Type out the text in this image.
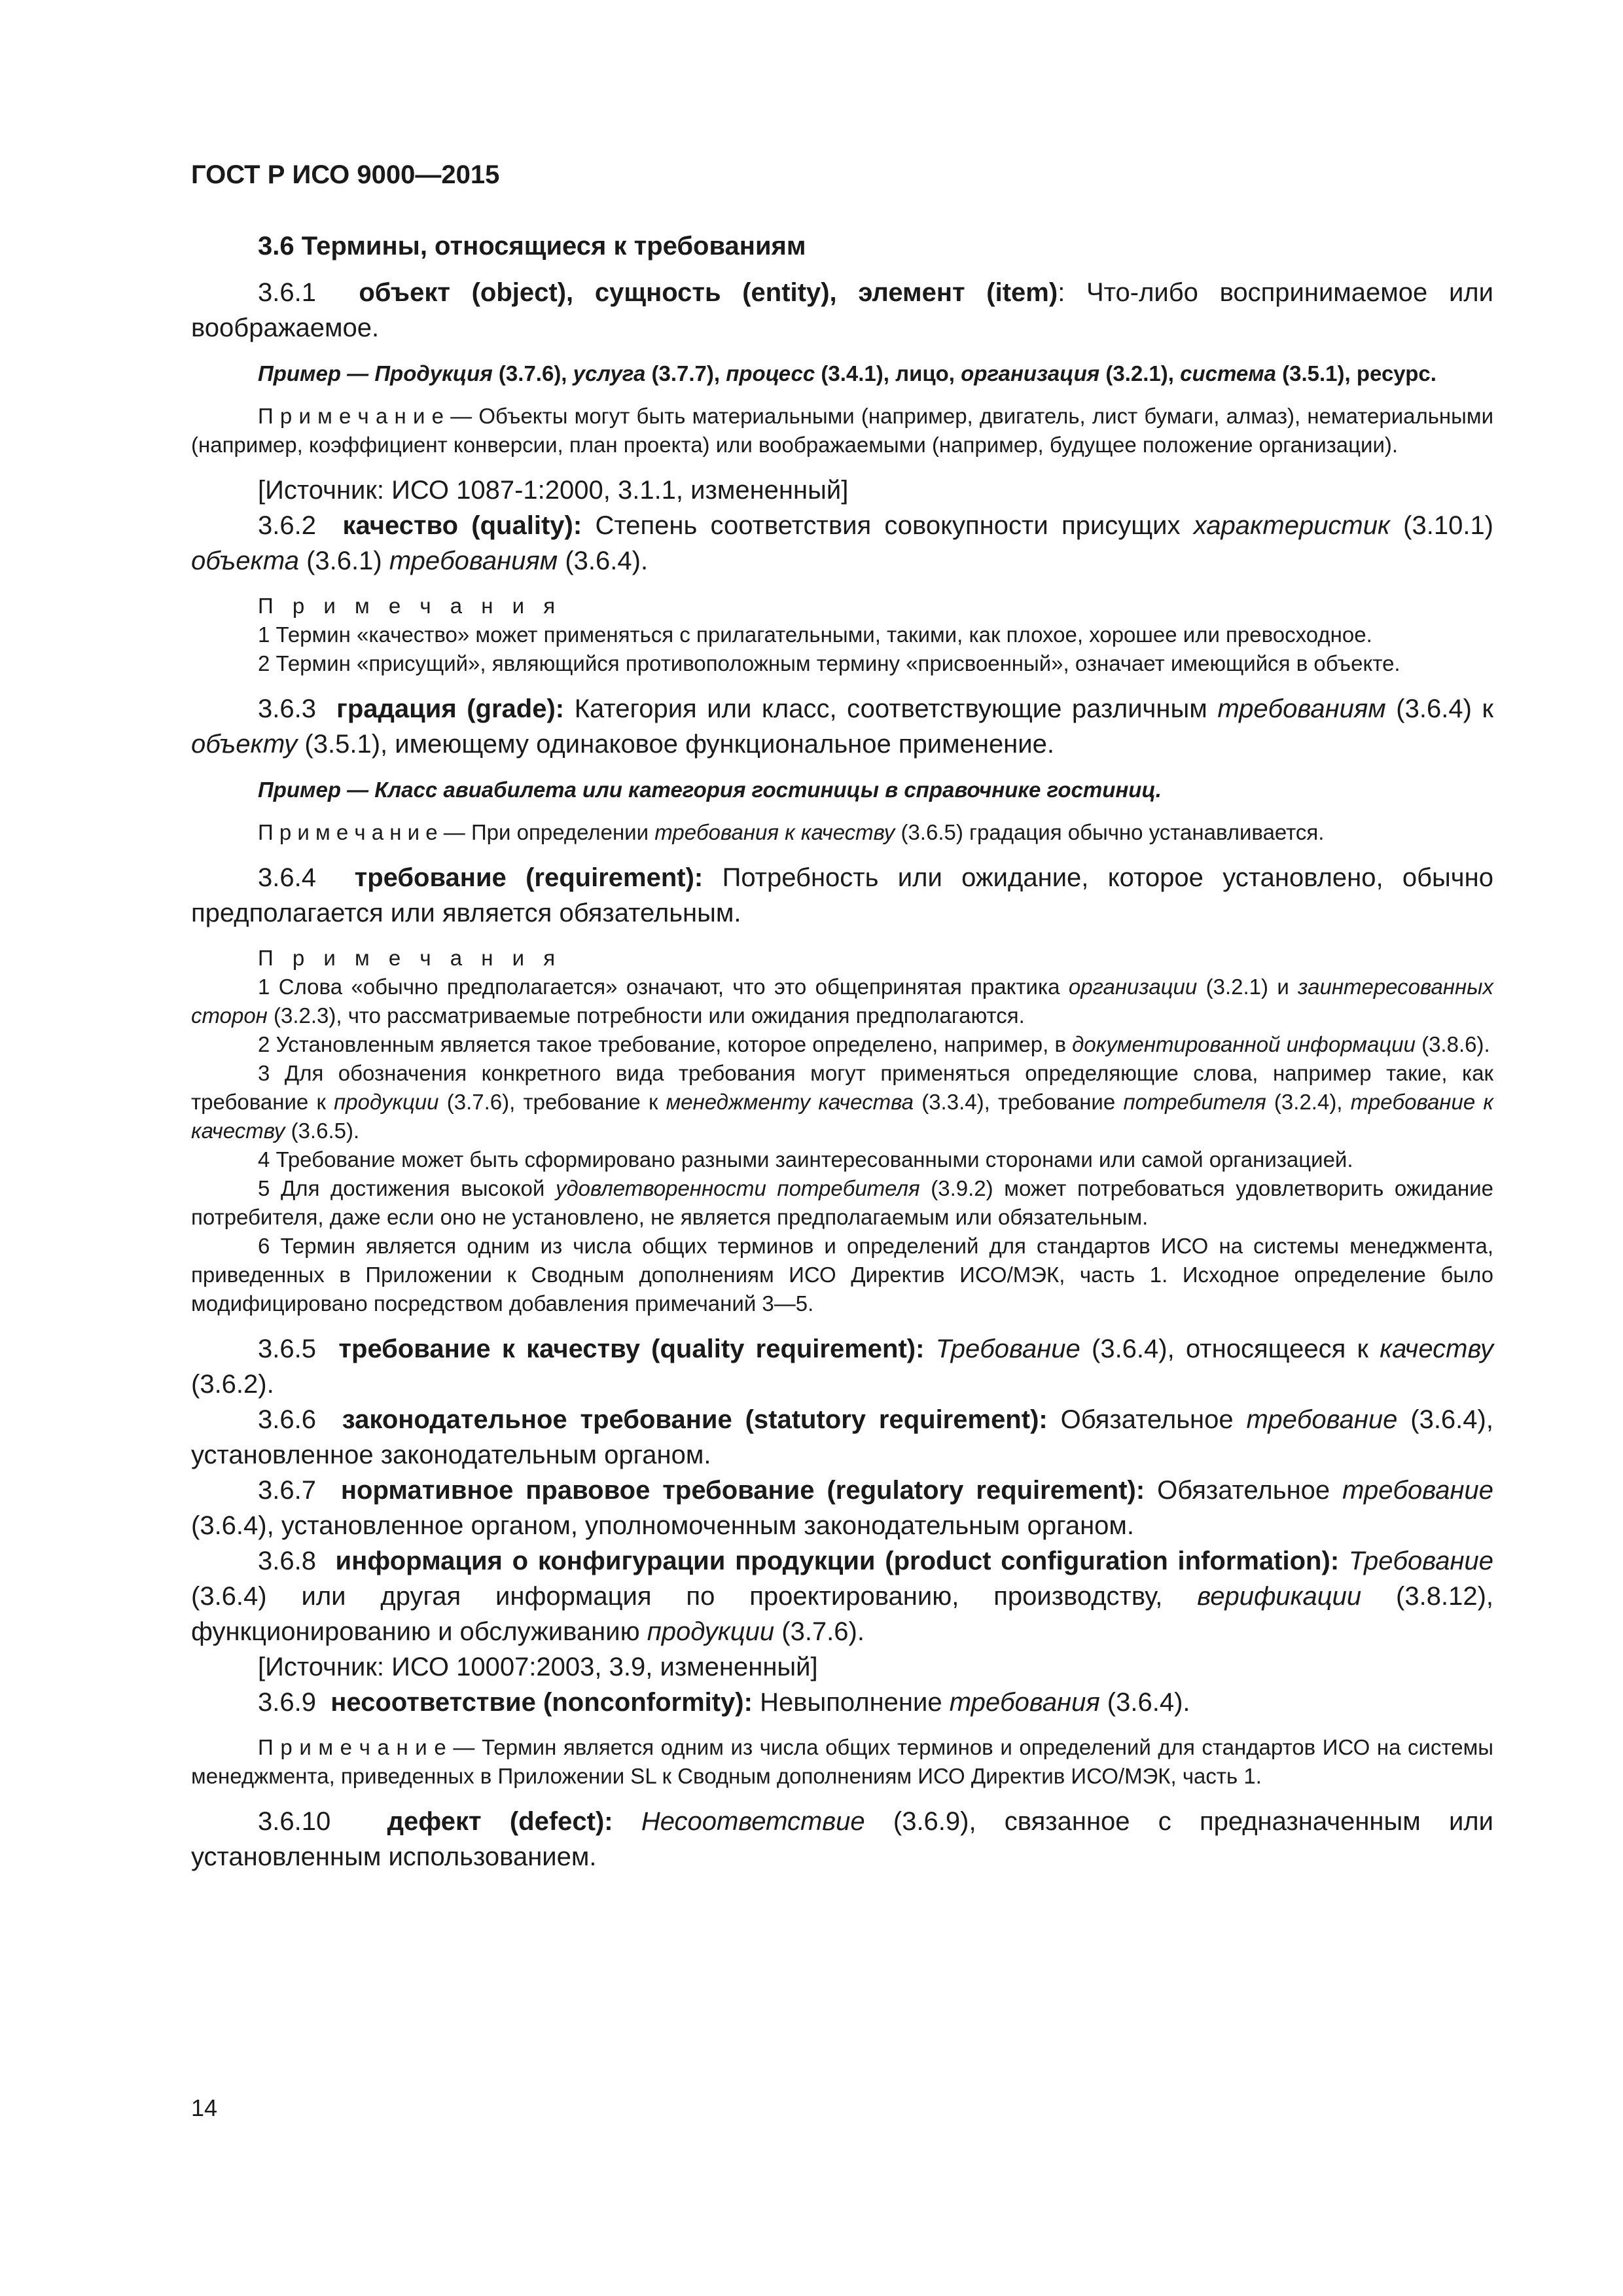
ГОСТ Р ИСО 9000—2015

3.6 Термины, относящиеся к требованиям

3.6.1 объект (object), сущность (entity), элемент (item): Что-либо воспринимаемое или воображаемое.

Пример — Продукция (3.7.6), услуга (3.7.7), процесс (3.4.1), лицо, организация (3.2.1), система (3.5.1), ресурс.

П р и м е ч а н и е — Объекты могут быть материальными (например, двигатель, лист бумаги, алмаз), нематериальными (например, коэффициент конверсии, план проекта) или воображаемыми (например, будущее положение организации).

[Источник: ИСО 1087-1:2000, 3.1.1, измененный]

3.6.2 качество (quality): Степень соответствия совокупности присущих характеристик (3.10.1) объекта (3.6.1) требованиям (3.6.4).

П р и м е ч а н и я

1 Термин «качество» может применяться с прилагательными, такими, как плохое, хорошее или превосходное.

2 Термин «присущий», являющийся противоположным термину «присвоенный», означает имеющийся в объекте.

3.6.3 градация (grade): Категория или класс, соответствующие различным требованиям (3.6.4) к объекту (3.5.1), имеющему одинаковое функциональное применение.

Пример — Класс авиабилета или категория гостиницы в справочнике гостиниц.

П р и м е ч а н и е — При определении требования к качеству (3.6.5) градация обычно устанавливается.

3.6.4 требование (requirement): Потребность или ожидание, которое установлено, обычно предполагается или является обязательным.

П р и м е ч а н и я

1 Слова «обычно предполагается» означают, что это общепринятая практика организации (3.2.1) и заинтересованных сторон (3.2.3), что рассматриваемые потребности или ожидания предполагаются.

2 Установленным является такое требование, которое определено, например, в документированной информации (3.8.6).

3 Для обозначения конкретного вида требования могут применяться определяющие слова, например такие, как требование к продукции (3.7.6), требование к менеджменту качества (3.3.4), требование потребителя (3.2.4), требование к качеству (3.6.5).

4 Требование может быть сформировано разными заинтересованными сторонами или самой организацией.

5 Для достижения высокой удовлетворенности потребителя (3.9.2) может потребоваться удовлетворить ожидание потребителя, даже если оно не установлено, не является предполагаемым или обязательным.

6 Термин является одним из числа общих терминов и определений для стандартов ИСО на системы менеджмента, приведенных в Приложении к Сводным дополнениям ИСО Директив ИСО/МЭК, часть 1. Исходное определение было модифицировано посредством добавления примечаний 3—5.

3.6.5 требование к качеству (quality requirement): Требование (3.6.4), относящееся к качеству (3.6.2).

3.6.6 законодательное требование (statutory requirement): Обязательное требование (3.6.4), установленное законодательным органом.

3.6.7 нормативное правовое требование (regulatory requirement): Обязательное требование (3.6.4), установленное органом, уполномоченным законодательным органом.

3.6.8 информация о конфигурации продукции (product configuration information): Требование (3.6.4) или другая информация по проектированию, производству, верификации (3.8.12), функционированию и обслуживанию продукции (3.7.6).

[Источник: ИСО 10007:2003, 3.9, измененный]

3.6.9 несоответствие (nonconformity): Невыполнение требования (3.6.4).

П р и м е ч а н и е — Термин является одним из числа общих терминов и определений для стандартов ИСО на системы менеджмента, приведенных в Приложении SL к Сводным дополнениям ИСО Директив ИСО/МЭК, часть 1.

3.6.10 дефект (defect): Несоответствие (3.6.9), связанное с предназначенным или установленным использованием.

14
